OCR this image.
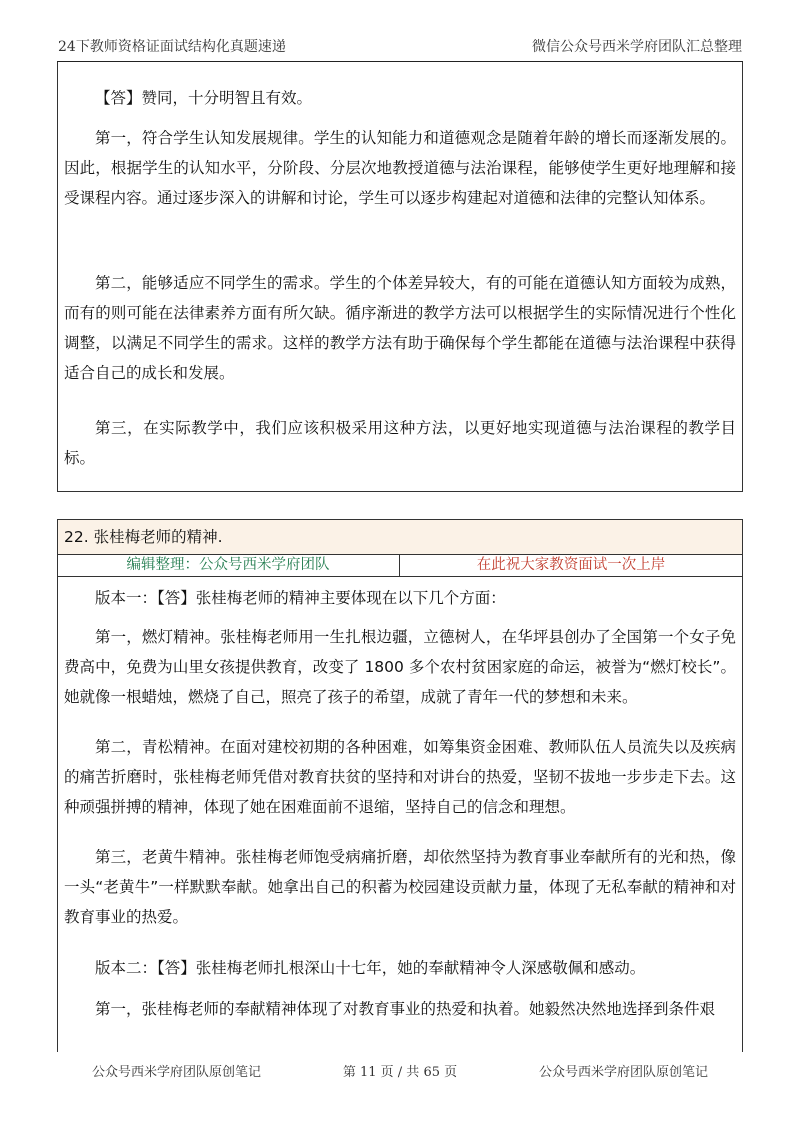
24下教师资格证面试结构化真题速递	微信公众号西米学府团队汇总整理

【答】赞同，十分明智且有效。

第一，符合学生认知发展规律。学生的认知能力和道德观念是随着年龄的增长而逐渐发展的。因此，根据学生的认知水平，分阶段、分层次地教授道德与法治课程，能够使学生更好地理解和接受课程内容。通过逐步深入的讲解和讨论，学生可以逐步构建起对道德和法律的完整认知体系。

第二，能够适应不同学生的需求。学生的个体差异较大，有的可能在道德认知方面较为成熟，而有的则可能在法律素养方面有所欠缺。循序渐进的教学方法可以根据学生的实际情况进行个性化调整，以满足不同学生的需求。这样的教学方法有助于确保每个学生都能在道德与法治课程中获得适合自己的成长和发展。

第三，在实际教学中，我们应该积极采用这种方法，以更好地实现道德与法治课程的教学目标。

22. 张桂梅老师的精神.
编辑整理：公众号西米学府团队	在此祝大家教资面试一次上岸

版本一：【答】张桂梅老师的精神主要体现在以下几个方面：

第一，燃灯精神。张桂梅老师用一生扎根边疆，立德树人，在华坪县创办了全国第一个女子免费高中，免费为山里女孩提供教育，改变了 1800 多个农村贫困家庭的命运，被誉为“燃灯校长”。她就像一根蜡烛，燃烧了自己，照亮了孩子的希望，成就了青年一代的梦想和未来。

第二，青松精神。在面对建校初期的各种困难，如筹集资金困难、教师队伍人员流失以及疾病的痛苦折磨时，张桂梅老师凭借对教育扶贫的坚持和对讲台的热爱，坚韧不拔地一步步走下去。这种顽强拼搏的精神，体现了她在困难面前不退缩，坚持自己的信念和理想。

第三，老黄牛精神。张桂梅老师饱受病痛折磨，却依然坚持为教育事业奉献所有的光和热，像一头“老黄牛”一样默默奉献。她拿出自己的积蓄为校园建设贡献力量，体现了无私奉献的精神和对教育事业的热爱。

版本二：【答】张桂梅老师扎根深山十七年，她的奉献精神令人深感敬佩和感动。

第一，张桂梅老师的奉献精神体现了对教育事业的热爱和执着。她毅然决然地选择到条件艰

公众号西米学府团队原创笔记	第 11 页 / 共 65 页	公众号西米学府团队原创笔记
